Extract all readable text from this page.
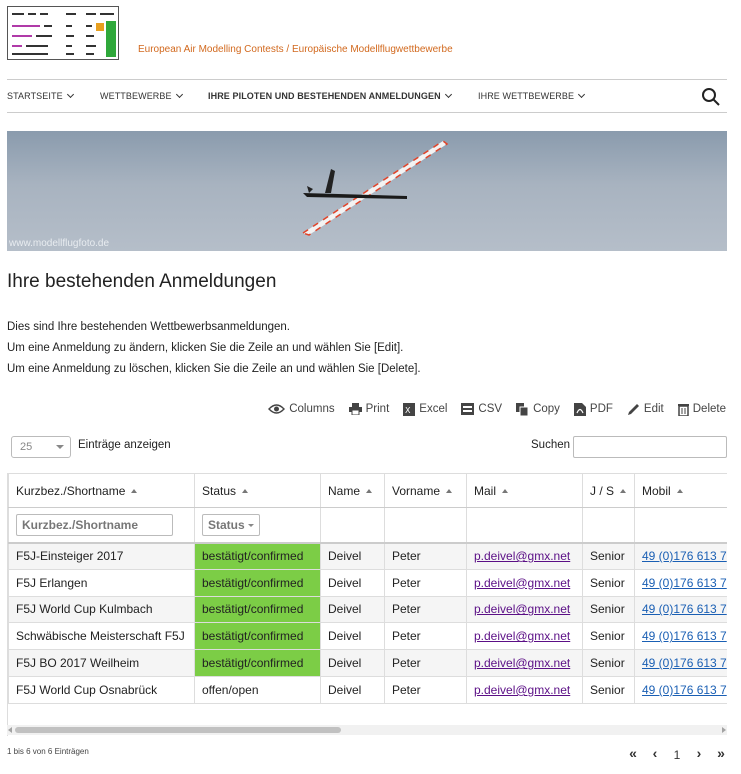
European Air Modelling Contests / Europäische Modellflugwettbewerbe
STARTSEITE	WETTBEWERBE	IHRE PILOTEN UND BESTEHENDEN ANMELDUNGEN	IHRE WETTBEWERBE
www.modellflugfoto.de
Ihre bestehenden Anmeldungen
Dies sind Ihre bestehenden Wettbewerbsanmeldungen.
Um eine Anmeldung zu ändern, klicken Sie die Zeile an und wählen Sie [Edit].
Um eine Anmeldung zu löschen, klicken Sie die Zeile an und wählen Sie [Delete].
Columns	Print X Excel	CSV	Copy	PDF	Edit	Delete
25	Einträge anzeigen	Suchen
Kurzbez./Shortname	Status	Name	Vorname	Mail	J / S	Mobil

Kurzbez./Shortname	Status					
F5J-Einsteiger 2017	bestätigt/confirmed	Deivel	Peter	p.deivel@gmx.net	Senior	49 (0)176 613 7
F5J Erlangen	bestätigt/confirmed	Deivel	Peter	p.deivel@gmx.net	Senior	49 (0)176 613 7
F5J World Cup Kulmbach	bestätigt/confirmed	Deivel	Peter	p.deivel@gmx.net	Senior	49 (0)176 613 7
Schwäbische Meisterschaft F5J	bestätigt/confirmed	Deivel	Peter	p.deivel@gmx.net	Senior	49 (0)176 613 7
F5J BO 2017 Weilheim	bestätigt/confirmed	Deivel	Peter	p.deivel@gmx.net	Senior	49 (0)176 613 7
F5J World Cup Osnabrück	offen/open	Deivel	Peter	p.deivel@gmx.net	Senior	49 (0)176 613 7
1 bis 6 von 6 Einträgen	«	‹	1	›	»
